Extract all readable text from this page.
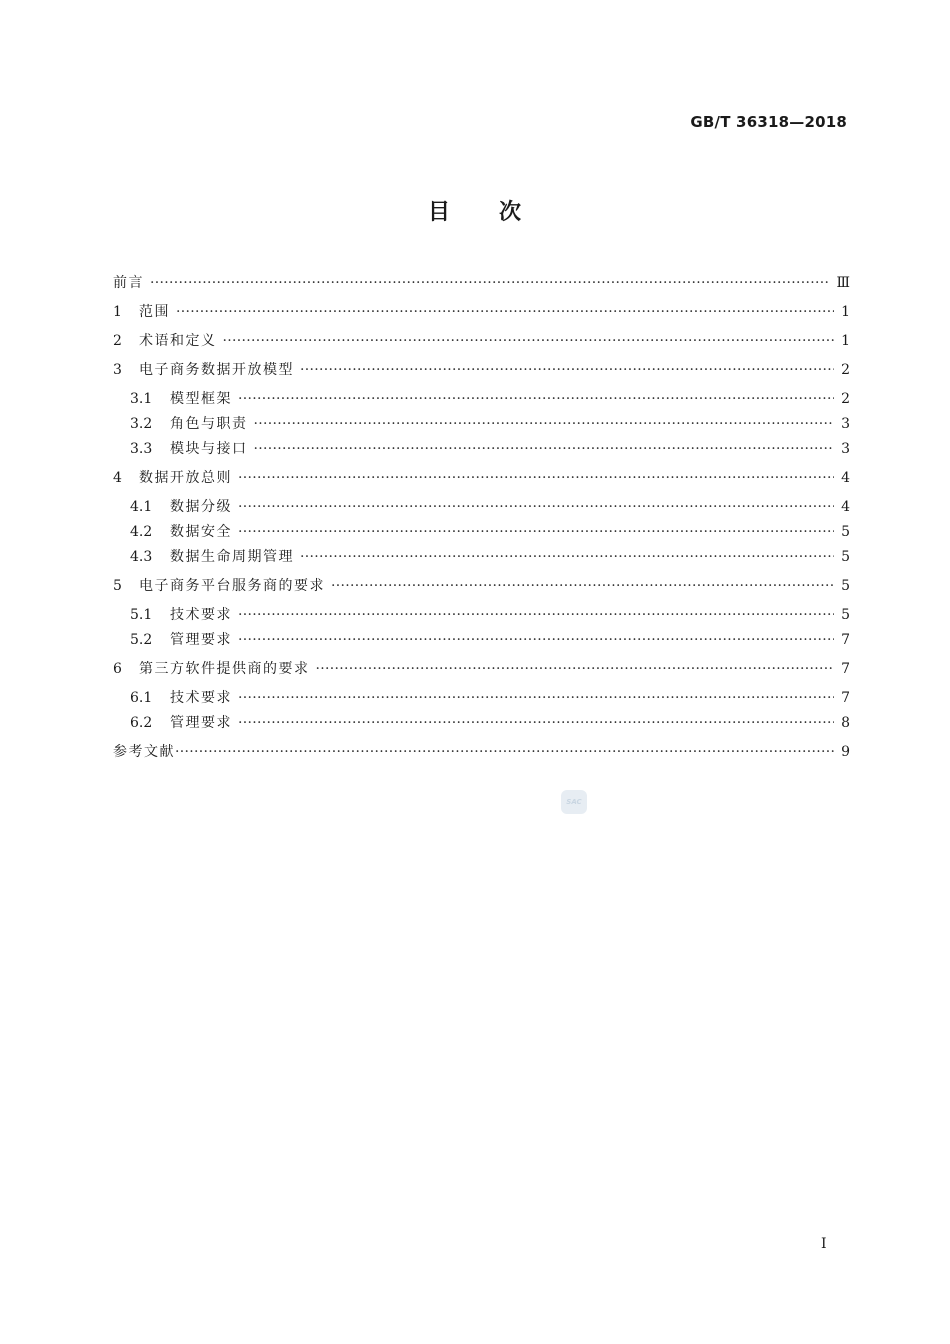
GB/T 36318—2018
目 次
前言 ·····	Ⅲ
1	范围 ·····	1
2	术语和定义 ·····	1
3	电子商务数据开放模型 ·····	2
3.1	模型框架 ·····	2
3.2	角色与职责 ·····	3
3.3	模块与接口 ·····	3
4	数据开放总则 ·····	4
4.1	数据分级 ·····	4
4.2	数据安全 ·····	5
4.3	数据生命周期管理 ·····	5
5	电子商务平台服务商的要求 ·····	5
5.1	技术要求 ·····	5
5.2	管理要求 ·····	7
6	第三方软件提供商的要求 ·····	7
6.1	技术要求 ·····	7
6.2	管理要求 ·····	8
参考文献 ·····	9
SAC
I
